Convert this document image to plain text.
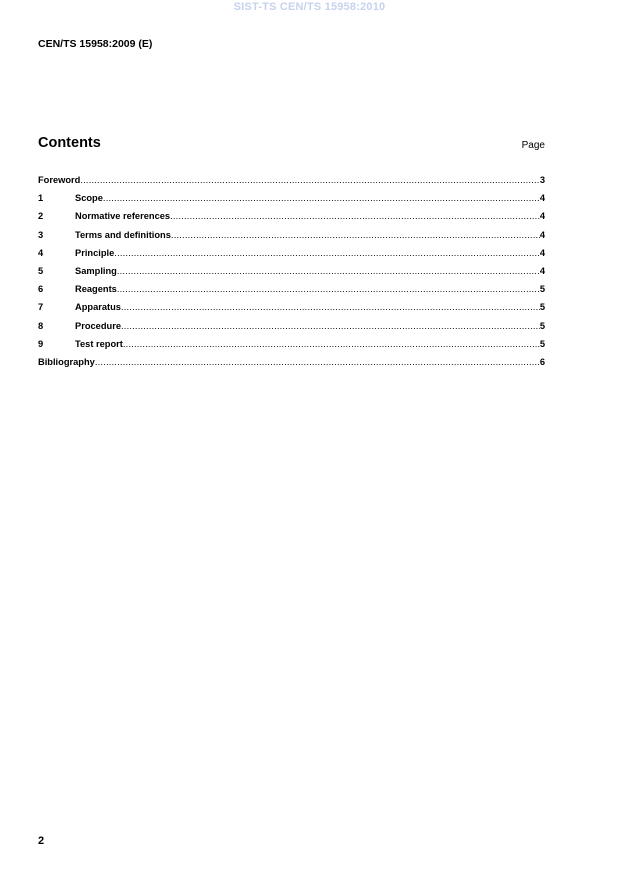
SIST-TS CEN/TS 15958:2010
CEN/TS 15958:2009 (E)
Contents	Page
Foreword .....	3
1	Scope .....	4
2	Normative references .....	4
3	Terms and definitions .....	4
4	Principle .....	4
5	Sampling .....	4
6	Reagents .....	5
7	Apparatus .....	5
8	Procedure .....	5
9	Test report .....	5
Bibliography .....	6
2
